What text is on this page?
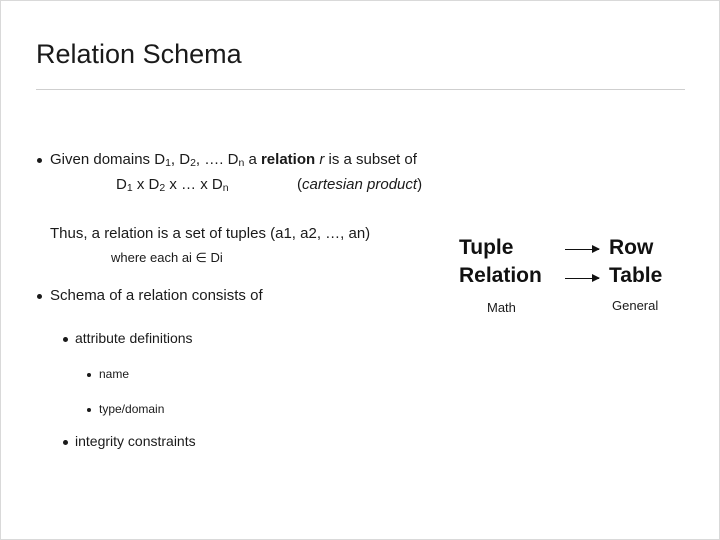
Relation Schema
Given domains $D_1$, $D_2$, …. $D_n$ a relation r is a subset of
$D_1$ x $D_2$ x … x $D_n$	(cartesian product)
Thus, a relation is a set of tuples (a1, a2, …, an)
where each ai ∈ Di
Schema of a relation consists of
attribute definitions
name
type/domain
integrity constraints
Tuple
Relation
Row
Table
Math	General
